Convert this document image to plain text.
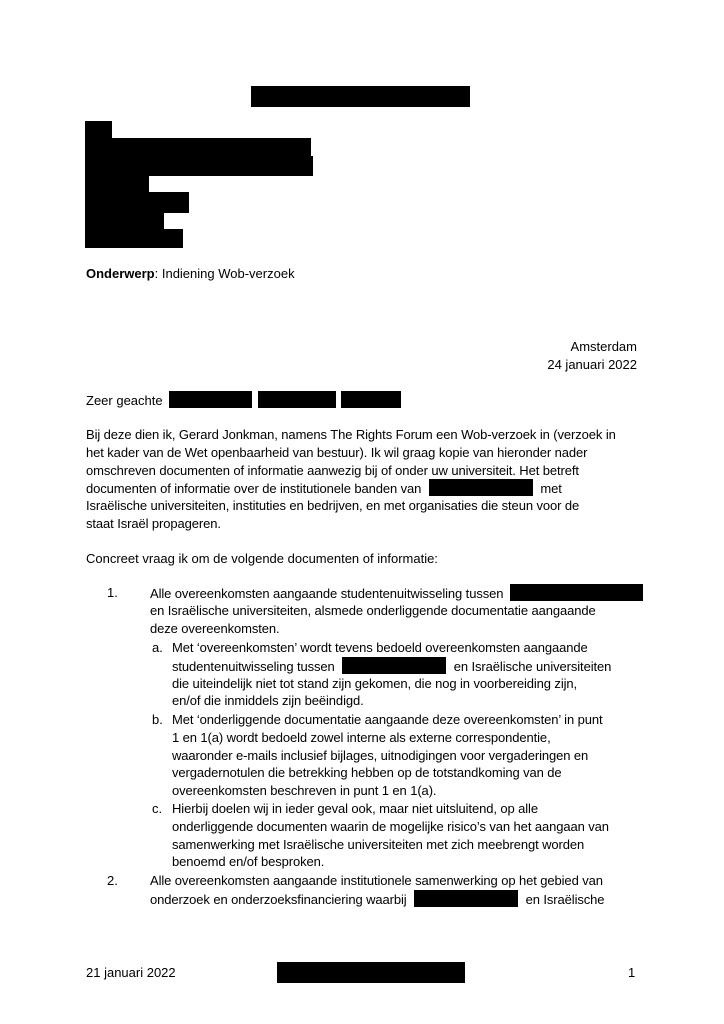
Onderwerp: Indiening Wob-verzoek
Amsterdam
24 januari 2022
Zeer geachte
Bij deze dien ik, Gerard Jonkman, namens The Rights Forum een Wob-verzoek in (verzoek in
het kader van de Wet openbaarheid van bestuur). Ik wil graag kopie van hieronder nader
omschreven documenten of informatie aanwezig bij of onder uw universiteit. Het betreft
documenten of informatie over de institutionele banden van	met
Israëlische universiteiten, instituties en bedrijven, en met organisaties die steun voor de
staat Israël propageren.
Concreet vraag ik om de volgende documenten of informatie:
1. Alle overeenkomsten aangaande studentenuitwisseling tussen
en Israëlische universiteiten, alsmede onderliggende documentatie aangaande
deze overeenkomsten.
a. Met ‘overeenkomsten’ wordt tevens bedoeld overeenkomsten aangaande
studentenuitwisseling tussen	en Israëlische universiteiten
die uiteindelijk niet tot stand zijn gekomen, die nog in voorbereiding zijn,
en/of die inmiddels zijn beëindigd.
b. Met ‘onderliggende documentatie aangaande deze overeenkomsten’ in punt
1 en 1(a) wordt bedoeld zowel interne als externe correspondentie,
waaronder e-mails inclusief bijlages, uitnodigingen voor vergaderingen en
vergadernotulen die betrekking hebben op de totstandkoming van de
overeenkomsten beschreven in punt 1 en 1(a).
c. Hierbij doelen wij in ieder geval ook, maar niet uitsluitend, op alle
onderliggende documenten waarin de mogelijke risico’s van het aangaan van
samenwerking met Israëlische universiteiten met zich meebrengt worden
benoemd en/of besproken.
2. Alle overeenkomsten aangaande institutionele samenwerking op het gebied van
onderzoek en onderzoeksfinanciering waarbij	en Israëlische
21 januari 2022	1
